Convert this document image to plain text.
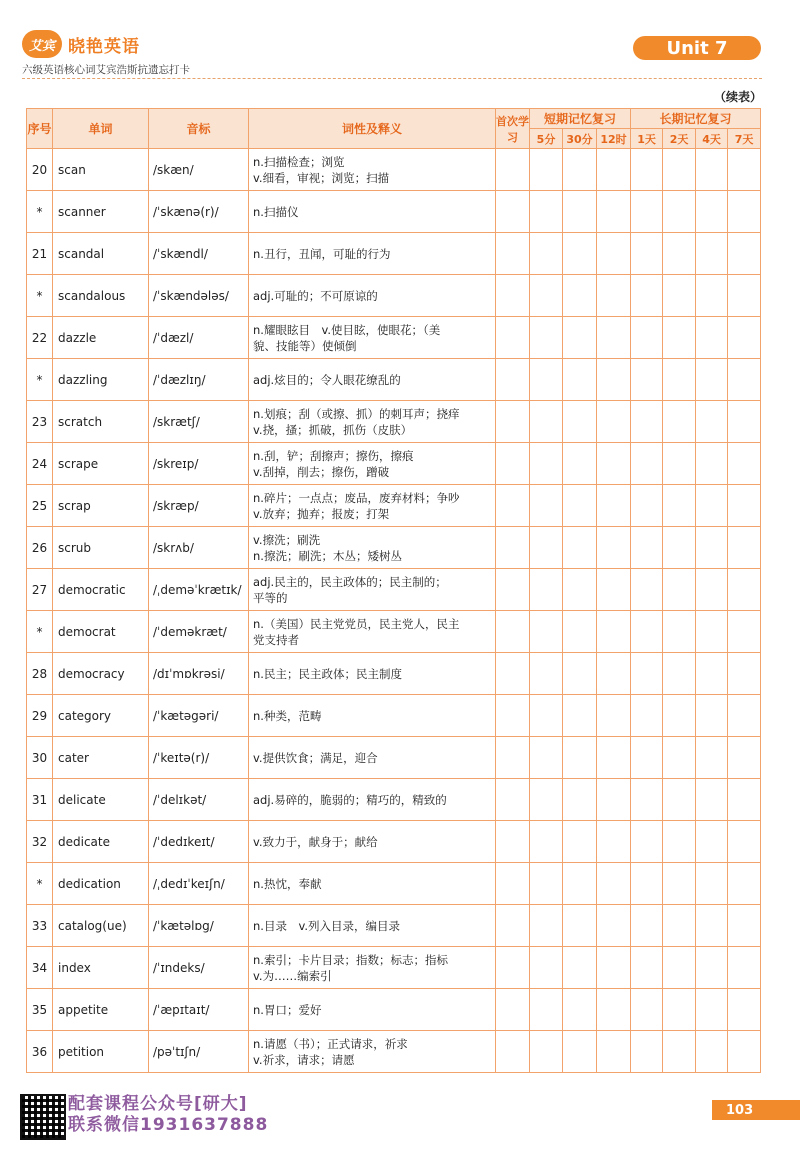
艾宾 晓艳英语
六级英语核心词艾宾浩斯抗遗忘打卡
Unit 7
（续表）
序号	单词	音标	词性及释义	首次学习	短期记忆复习			长期记忆复习			
					5分	30分	12时	1天	2天	4天	7天
20	scan	/skæn/	n.扫描检查；浏览
v.细看，审视；浏览；扫描								

*	scanner	/ˈskænə(r)/	n.扫描仪								

21	scandal	/ˈskændl/	n.丑行，丑闻，可耻的行为								

*	scandalous	/ˈskændələs/	adj.可耻的；不可原谅的								

22	dazzle	/ˈdæzl/	n.耀眼眩目　v.使目眩，使眼花；（美
貌、技能等）使倾倒								

*	dazzling	/ˈdæzlɪŋ/	adj.炫目的；令人眼花缭乱的								

23	scratch	/skrætʃ/	n.划痕；刮（或擦、抓）的刺耳声；挠痒
v.挠，搔；抓破，抓伤（皮肤）								

24	scrape	/skreɪp/	n.刮，铲；刮擦声；擦伤，擦痕
v.刮掉，削去；擦伤，蹭破								

25	scrap	/skræp/	n.碎片；一点点；废品，废弃材料；争吵
v.放弃；抛弃；报废；打架								

26	scrub	/skrʌb/	v.擦洗；刷洗
n.擦洗；刷洗；木丛；矮树丛								

27	democratic	/ˌdeməˈkrætɪk/	adj.民主的，民主政体的；民主制的；
平等的								

*	democrat	/ˈdeməkræt/	n.（美国）民主党党员，民主党人，民主
党支持者								

28	democracy	/dɪˈmɒkrəsi/	n.民主；民主政体；民主制度								

29	category	/ˈkætəgəri/	n.种类，范畴								

30	cater	/ˈkeɪtə(r)/	v.提供饮食；满足，迎合								

31	delicate	/ˈdelɪkət/	adj.易碎的，脆弱的；精巧的，精致的								

32	dedicate	/ˈdedɪkeɪt/	v.致力于，献身于；献给								

*	dedication	/ˌdedɪˈkeɪʃn/	n.热忱，奉献								

33	catalog(ue)	/ˈkætəlɒg/	n.目录　v.列入目录，编目录								

34	index	/ˈɪndeks/	n.索引；卡片目录；指数；标志；指标
v.为……编索引								

35	appetite	/ˈæpɪtaɪt/	n.胃口；爱好								

36	petition	/pəˈtɪʃn/	n.请愿（书）；正式请求，祈求
v.祈求，请求；请愿								

配套课程公众号[研大]
联系微信1931637888
103
